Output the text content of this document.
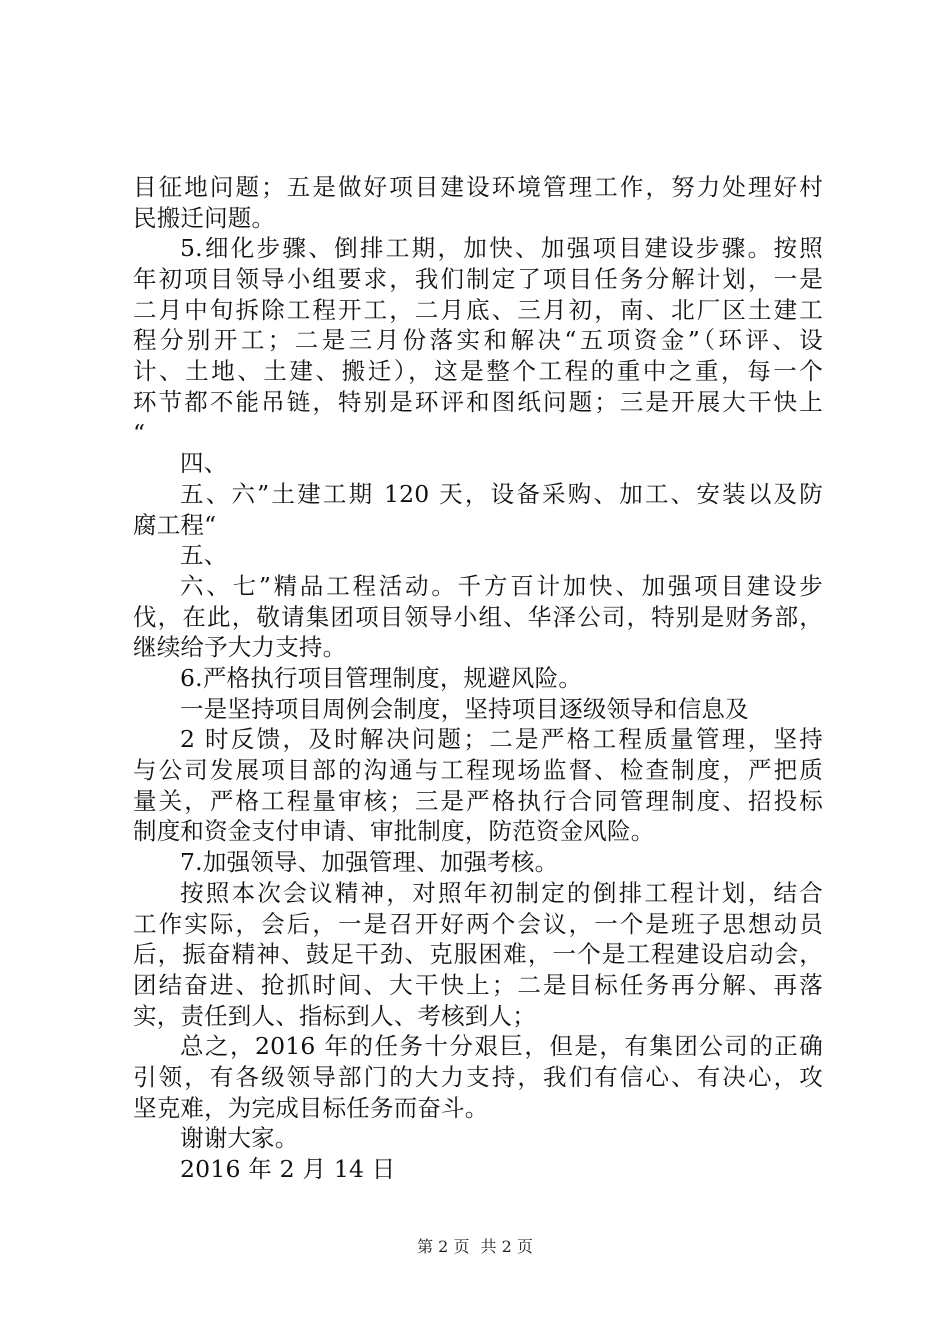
目征地问题；五是做好项目建设环境管理工作，努力处理好村
民搬迁问题。
5.细化步骤、倒排工期，加快、加强项目建设步骤。按照
年初项目领导小组要求，我们制定了项目任务分解计划，一是
二月中旬拆除工程开工，二月底、三月初，南、北厂区土建工
程分别开工；二是三月份落实和解决“五项资金”（环评、设
计、土地、土建、搬迁），这是整个工程的重中之重，每一个
环节都不能吊链，特别是环评和图纸问题；三是开展大干快上
“
四、
五、六”土建工期 120 天，设备采购、加工、安装以及防
腐工程“
五、
六、七”精品工程活动。千方百计加快、加强项目建设步
伐，在此，敬请集团项目领导小组、华泽公司，特别是财务部，
继续给予大力支持。
6.严格执行项目管理制度，规避风险。
一是坚持项目周例会制度，坚持项目逐级领导和信息及
2 时反馈，及时解决问题；二是严格工程质量管理，坚持
与公司发展项目部的沟通与工程现场监督、检查制度，严把质
量关，严格工程量审核；三是严格执行合同管理制度、招投标
制度和资金支付申请、审批制度，防范资金风险。
7.加强领导、加强管理、加强考核。
按照本次会议精神，对照年初制定的倒排工程计划，结合
工作实际，会后，一是召开好两个会议，一个是班子思想动员
后，振奋精神、鼓足干劲、克服困难，一个是工程建设启动会，
团结奋进、抢抓时间、大干快上；二是目标任务再分解、再落
实，责任到人、指标到人、考核到人；
总之，2016 年的任务十分艰巨，但是，有集团公司的正确
引领，有各级领导部门的大力支持，我们有信心、有决心，攻
坚克难，为完成目标任务而奋斗。
谢谢大家。
2016 年 2 月 14 日
第 2 页 共 2 页
